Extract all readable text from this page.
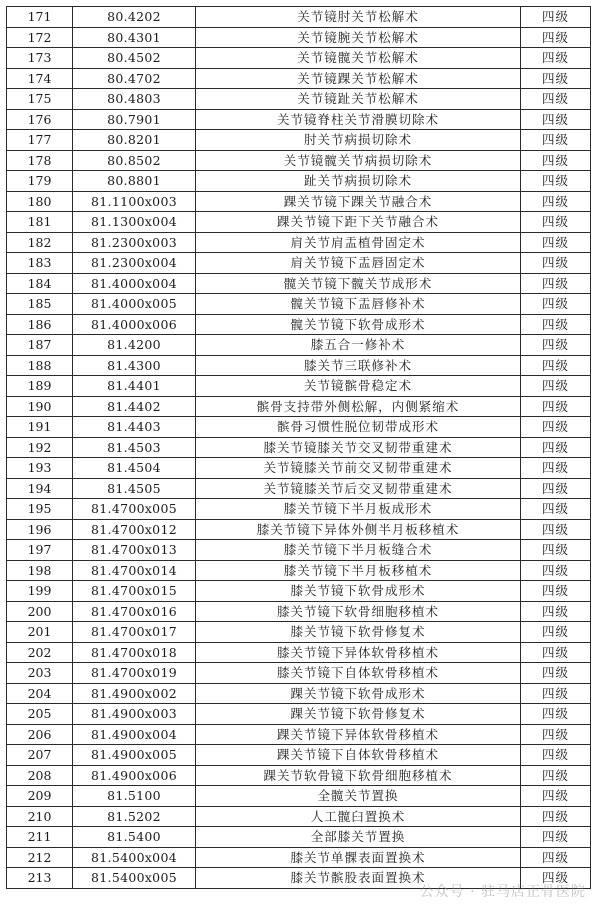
171	80.4202	关节镜肘关节松解术	四级
172	80.4301	关节镜腕关节松解术	四级
173	80.4502	关节镜髋关节松解术	四级
174	80.4702	关节镜踝关节松解术	四级
175	80.4803	关节镜趾关节松解术	四级
176	80.7901	关节镜脊柱关节滑膜切除术	四级
177	80.8201	肘关节病损切除术	四级
178	80.8502	关节镜髋关节病损切除术	四级
179	80.8801	趾关节病损切除术	四级
180	81.1100x003	踝关节镜下踝关节融合术	四级
181	81.1300x004	踝关节镜下距下关节融合术	四级
182	81.2300x003	肩关节肩盂植骨固定术	四级
183	81.2300x004	肩关节镜下盂唇固定术	四级
184	81.4000x004	髋关节镜下髋关节成形术	四级
185	81.4000x005	髋关节镜下盂唇修补术	四级
186	81.4000x006	髋关节镜下软骨成形术	四级
187	81.4200	膝五合一修补术	四级
188	81.4300	膝关节三联修补术	四级
189	81.4401	关节镜髌骨稳定术	四级
190	81.4402	髌骨支持带外侧松解，内侧紧缩术	四级
191	81.4403	髌骨习惯性脱位韧带成形术	四级
192	81.4503	膝关节镜膝关节交叉韧带重建术	四级
193	81.4504	关节镜膝关节前交叉韧带重建术	四级
194	81.4505	关节镜膝关节后交叉韧带重建术	四级
195	81.4700x005	膝关节镜下半月板成形术	四级
196	81.4700x012	膝关节镜下异体外侧半月板移植术	四级
197	81.4700x013	膝关节镜下半月板缝合术	四级
198	81.4700x014	膝关节镜下半月板移植术	四级
199	81.4700x015	膝关节镜下软骨成形术	四级
200	81.4700x016	膝关节镜下软骨细胞移植术	四级
201	81.4700x017	膝关节镜下软骨修复术	四级
202	81.4700x018	膝关节镜下异体软骨移植术	四级
203	81.4700x019	膝关节镜下自体软骨移植术	四级
204	81.4900x002	踝关节镜下软骨成形术	四级
205	81.4900x003	踝关节镜下软骨修复术	四级
206	81.4900x004	踝关节镜下异体软骨移植术	四级
207	81.4900x005	踝关节镜下自体软骨移植术	四级
208	81.4900x006	踝关节软骨镜下软骨细胞移植术	四级
209	81.5100	全髋关节置换	四级
210	81.5202	人工髋臼置换术	四级
211	81.5400	全部膝关节置换	四级
212	81.5400x004	膝关节单髁表面置换术	四级
213	81.5400x005	膝关节髌股表面置换术	四级
公众号 · 驻马店正骨医院
